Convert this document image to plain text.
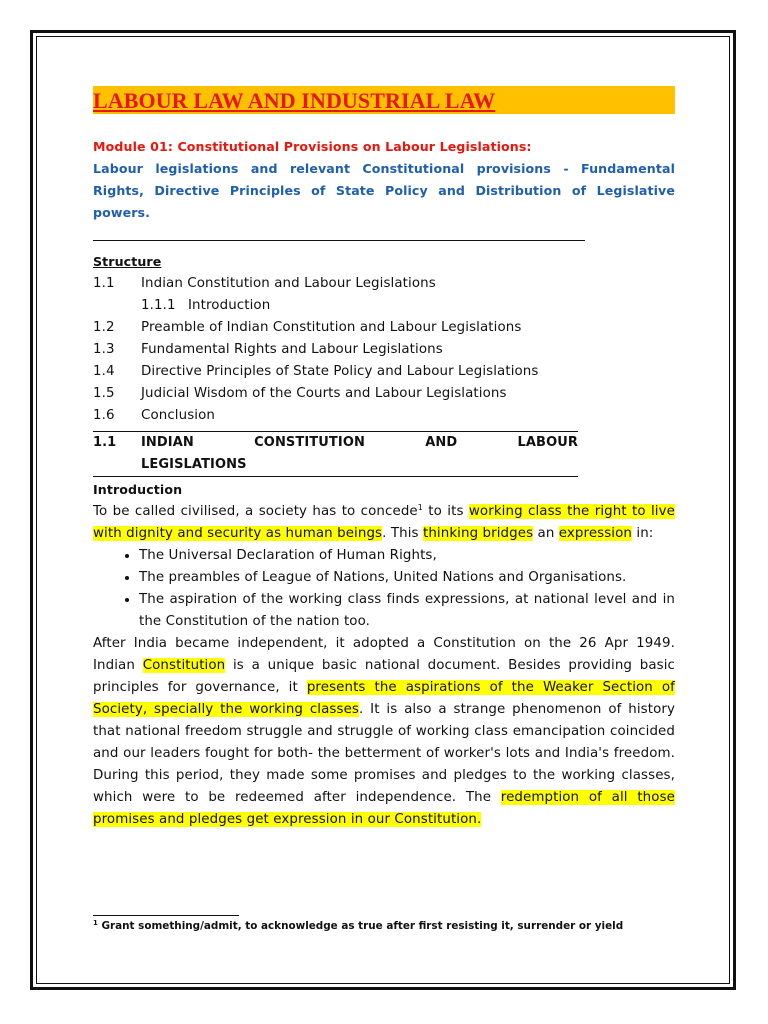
LABOUR LAW AND INDUSTRIAL LAW
Module 01: Constitutional Provisions on Labour Legislations:
Labour legislations and relevant Constitutional provisions - Fundamental Rights, Directive Principles of State Policy and Distribution of Legislative powers.
Structure
1.1	Indian Constitution and Labour Legislations
1.1.1 Introduction
1.2	Preamble of Indian Constitution and Labour Legislations
1.3	Fundamental Rights and Labour Legislations
1.4	Directive Principles of State Policy and Labour Legislations
1.5	Judicial Wisdom of the Courts and Labour Legislations
1.6	Conclusion
1.1	INDIAN CONSTITUTION AND LABOUR
LEGISLATIONS
Introduction

To be called civilised, a society has to concede$^1$ to its working class the right to live with dignity and security as human beings. This thinking bridges an expression in:

• The Universal Declaration of Human Rights,
• The preambles of League of Nations, United Nations and Organisations.
• The aspiration of the working class finds expressions, at national level and in the Constitution of the nation too.

After India became independent, it adopted a Constitution on the 26 Apr 1949. Indian Constitution is a unique basic national document. Besides providing basic principles for governance, it presents the aspirations of the Weaker Section of Society, specially the working classes. It is also a strange phenomenon of history that national freedom struggle and struggle of working class emancipation coincided and our leaders fought for both- the betterment of worker's lots and India's freedom. During this period, they made some promises and pledges to the working classes, which were to be redeemed after independence. The redemption of all those promises and pledges get expression in our Constitution.

$^1$ Grant something/admit, to acknowledge as true after first resisting it, surrender or yield
